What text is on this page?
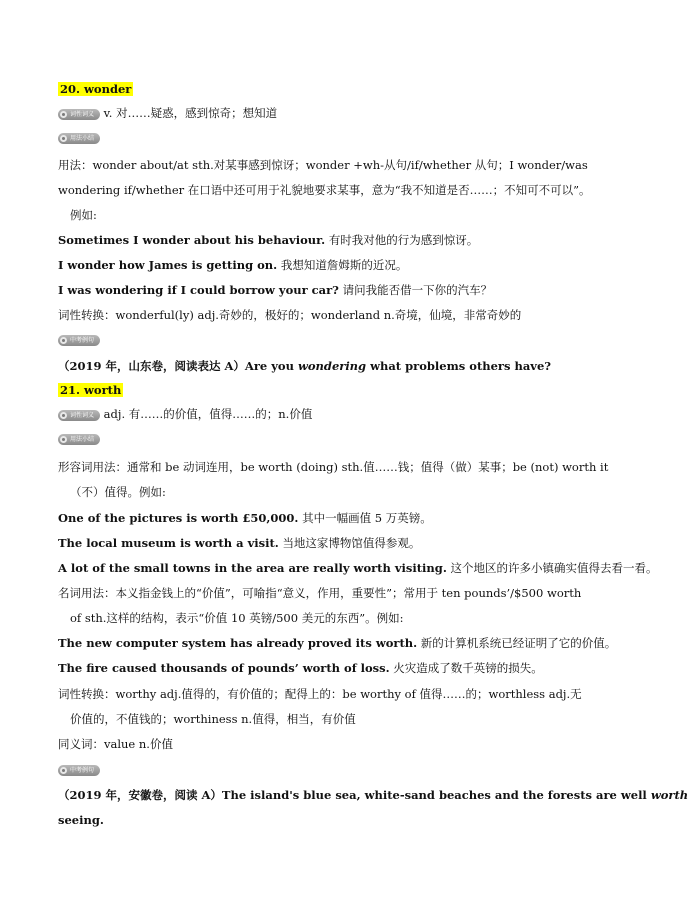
20. wonder
词性词义 v. 对……疑惑，感到惊奇；想知道
用法小结
用法：wonder about/at sth.对某事感到惊讶；wonder +wh-从句/if/whether 从句；I wonder/was
wondering if/whether 在口语中还可用于礼貌地要求某事，意为“我不知道是否……；不知可不可以”。
例如:
Sometimes I wonder about his behaviour. 有时我对他的行为感到惊讶。
I wonder how James is getting on. 我想知道詹姆斯的近况。
I was wondering if I could borrow your car? 请问我能否借一下你的汽车？
词性转换：wonderful(ly) adj.奇妙的，极好的；wonderland n.奇境，仙境，非常奇妙的
中考例句
（2019 年，山东卷，阅读表达 A）Are you wondering what problems others have?
21. worth
词性词义 adj. 有……的价值，值得……的；n.价值
用法小结
形容词用法：通常和 be 动词连用，be worth (doing) sth.值……钱；值得（做）某事；be (not) worth it
（不）值得。例如:
One of the pictures is worth £50,000. 其中一幅画值 5 万英镑。
The local museum is worth a visit. 当地这家博物馆值得参观。
A lot of the small towns in the area are really worth visiting. 这个地区的许多小镇确实值得去看一看。
名词用法：本义指金钱上的“价值”，可喻指“意义，作用，重要性”；常用于 ten pounds’/$500 worth
of sth.这样的结构，表示“价值 10 英镑/500 美元的东西”。例如:
The new computer system has already proved its worth. 新的计算机系统已经证明了它的价值。
The fire caused thousands of pounds’ worth of loss. 火灾造成了数千英镑的损失。
词性转换：worthy adj.值得的，有价值的；配得上的：be worthy of 值得……的；worthless adj.无
价值的，不值钱的；worthiness n.值得，相当，有价值
同义词：value n.价值
中考例句
（2019 年，安徽卷，阅读 A）The island's blue sea, white-sand beaches and the forests are well worth
seeing.
